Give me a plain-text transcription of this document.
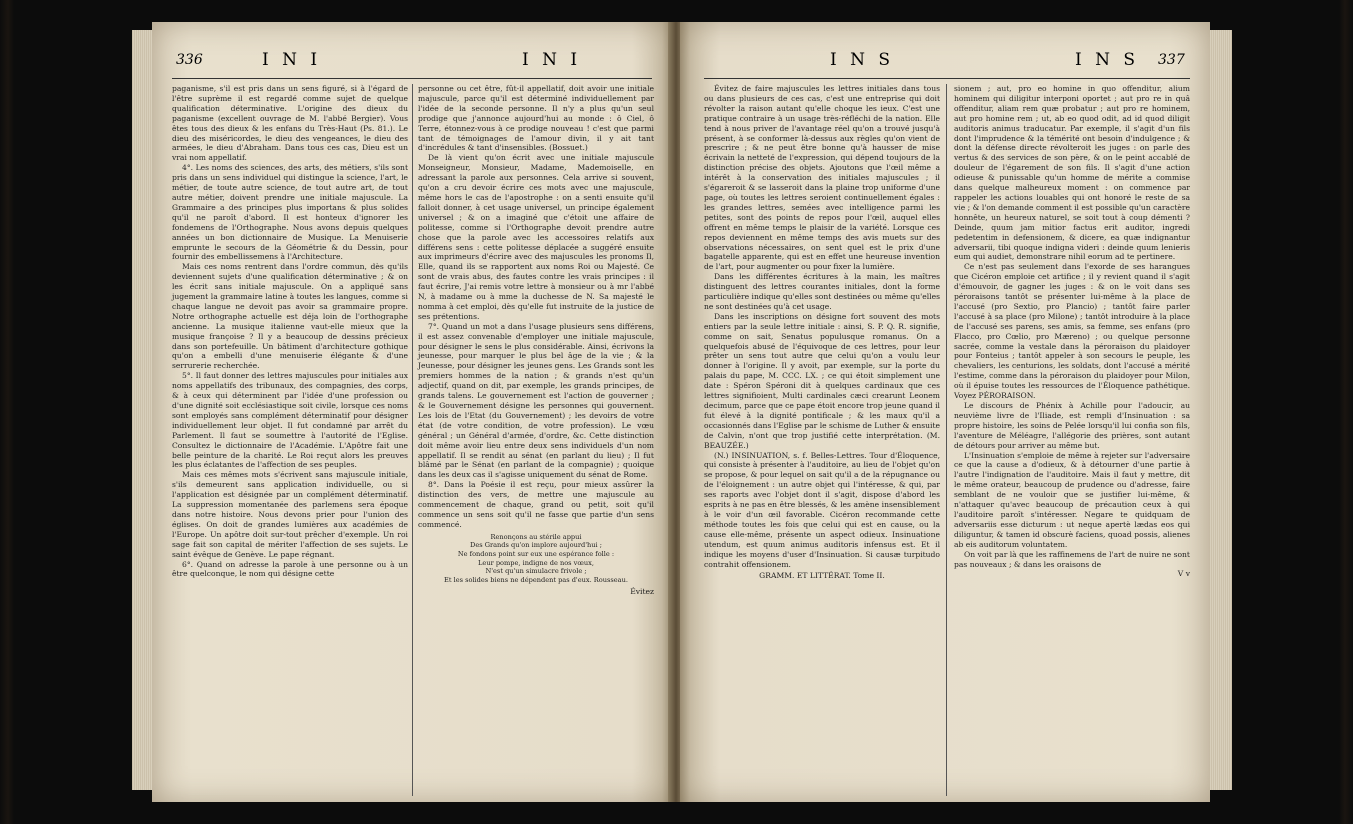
336	I N I	I N I

paganisme, s'il est pris dans un sens figuré, si à l'égard de l'être suprème il est regardé comme sujet de quelque qualification déterminative. L'origine des dieux du paganisme (excellent ouvrage de M. l'abbé Bergier). Vous êtes tous des dieux & les enfans du Très-Haut (Ps. 81.). Le dieu des miséricordes, le dieu des vengeances, le dieu des armées, le dieu d'Abraham. Dans tous ces cas, Dieu est un vrai nom appellatif.

4°. Les noms des sciences, des arts, des métiers, s'ils sont pris dans un sens individuel qui distingue la science, l'art, le métier, de toute autre science, de tout autre art, de tout autre métier, doivent prendre une initiale majuscule. La Grammaire a des principes plus importans & plus solides qu'il ne paroît d'abord. Il est honteux d'ignorer les fondemens de l'Orthographe. Nous avons depuis quelques années un bon dictionnaire de Musique. La Menuiserie emprunte le secours de la Géométrie & du Dessin, pour fournir des embellissemens à l'Architecture.

Mais ces noms rentrent dans l'ordre commun, dès qu'ils deviennent sujets d'une qualification déterminative ; & on les écrit sans initiale majuscule. On a appliqué sans jugement la grammaire latine à toutes les langues, comme si chaque langue ne devoit pas avoir sa grammaire propre. Notre orthographe actuelle est déja loin de l'orthographe ancienne. La musique italienne vaut-elle mieux que la musique françoise ? Il y a beaucoup de dessins précieux dans son portefeuille. Un bâtiment d'architecture gothique qu'on a embelli d'une menuiserie élégante & d'une serrurerie recherchée.

5°. Il faut donner des lettres majuscules pour initiales aux noms appellatifs des tribunaux, des compagnies, des corps, & à ceux qui déterminent par l'idée d'une profession ou d'une dignité soit ecclésiastique soit civile, lorsque ces noms sont employés sans complément déterminatif pour désigner individuellement leur objet. Il fut condamné par arrêt du Parlement. Il faut se soumettre à l'autorité de l'Eglise. Consultez le dictionnaire de l'Académie. L'Apôtre fait une belle peinture de la charité. Le Roi reçut alors les preuves les plus éclatantes de l'affection de ses peuples.

Mais ces mêmes mots s'écrivent sans majuscule initiale, s'ils demeurent sans application individuelle, ou si l'application est désignée par un complément déterminatif. La suppression momentanée des parlemens sera époque dans notre histoire. Nous devons prier pour l'union des églises. On doit de grandes lumières aux académies de l'Europe. Un apôtre doit sur-tout prêcher d'exemple. Un roi sage fait son capital de mériter l'affection de ses sujets. Le saint évêque de Genève. Le pape régnant.

6°. Quand on adresse la parole à une personne ou à un être quelconque, le nom qui désigne cette

personne ou cet être, fût-il appellatif, doit avoir une initiale majuscule, parce qu'il est déterminé individuellement par l'idée de la seconde personne. Il n'y a plus qu'un seul prodige que j'annonce aujourd'hui au monde : ô Ciel, ô Terre, étonnez-vous à ce prodige nouveau ! c'est que parmi tant de témoignages de l'amour divin, il y ait tant d'incrédules & tant d'insensibles. (Bossuet.)

De là vient qu'on écrit avec une initiale majuscule Monseigneur, Monsieur, Madame, Mademoiselle, en adressant la parole aux personnes. Cela arrive si souvent, qu'on a cru devoir écrire ces mots avec une majuscule, même hors le cas de l'apostrophe : on a senti ensuite qu'il falloit donner, à cet usage universel, un principe également universel ; & on a imaginé que c'étoit une affaire de politesse, comme si l'Orthographe devoit prendre autre chose que la parole avec les accessoires relatifs aux différens sens : cette politesse déplacée a suggéré ensuite aux imprimeurs d'écrire avec des majuscules les pronoms Il, Elle, quand ils se rapportent aux noms Roi ou Majesté. Ce sont de vrais abus, des fautes contre les vrais principes : il faut écrire, J'ai remis votre lettre à monsieur ou à mr l'abbé N, à madame ou à mme la duchesse de N. Sa majesté le nomma à cet emploi, dès qu'elle fut instruite de la justice de ses prétentions.

7°. Quand un mot a dans l'usage plusieurs sens différens, il est assez convenable d'employer une initiale majuscule, pour désigner le sens le plus considérable. Ainsi, écrivons la jeunesse, pour marquer le plus bel âge de la vie ; & la Jeunesse, pour désigner les jeunes gens. Les Grands sont les premiers hommes de la nation ; & grands n'est qu'un adjectif, quand on dit, par exemple, les grands principes, de grands talens. Le gouvernement est l'action de gouverner ; & le Gouvernement désigne les personnes qui gouvernent. Les lois de l'Etat (du Gouvernement) ; les devoirs de votre état (de votre condition, de votre profession). Le vœu général ; un Général d'armée, d'ordre, &c. Cette distinction doit même avoir lieu entre deux sens individuels d'un nom appellatif. Il se rendit au sénat (en parlant du lieu) ; Il fut blâmé par le Sénat (en parlant de la compagnie) ; quoique dans les deux cas il s'agisse uniquement du sénat de Rome.

8°. Dans la Poésie il est reçu, pour mieux assûrer la distinction des vers, de mettre une majuscule au commencement de chaque, grand ou petit, soit qu'il commence un sens soit qu'il ne fasse que partie d'un sens commencé.

Renonçons au stérile appui
Des Grands qu'on implore aujourd'hui ;
Ne fondons point sur eux une espérance folle :
Leur pompe, indigne de nos vœux,
N'est qu'un simulacre frivole ;
Et les solides biens ne dépendent pas d'eux. Rousseau.
Évitez
I N S	I N S 337

Évitez de faire majuscules les lettres initiales dans tous ou dans plusieurs de ces cas, c'est une entreprise qui doit révolter la raison autant qu'elle choque les ieux. C'est une pratique contraire à un usage très-réfléchi de la nation. Elle tend à nous priver de l'avantage réel qu'on a trouvé jusqu'à présent, à se conformer là-dessus aux règles qu'on vient de prescrire ; & ne peut être bonne qu'à hausser de mise écrivain la netteté de l'expression, qui dépend toujours de la distinction précise des objets. Ajoutons que l'œil même a intérêt à la conservation des initiales majuscules ; il s'égareroit & se lasseroit dans la plaine trop uniforme d'une page, où toutes les lettres seroient continuellement égales : les grandes lettres, semées avec intelligence parmi les petites, sont des points de repos pour l'œil, auquel elles offrent en même temps le plaisir de la variété. Lorsque ces repos deviennent en même temps des avis muets sur des observations nécessaires, on sent quel est le prix d'une bagatelle apparente, qui est en effet une heureuse invention de l'art, pour augmenter ou pour fixer la lumière.

Dans les différentes écritures à la main, les maîtres distinguent des lettres courantes initiales, dont la forme particulière indique qu'elles sont destinées ou même qu'elles ne sont destinées qu'à cet usage.

Dans les inscriptions on désigne fort souvent des mots entiers par la seule lettre initiale : ainsi, S. P. Q. R. signifie, comme on sait, Senatus populusque romanus. On a quelquefois abusé de l'équivoque de ces lettres, pour leur prêter un sens tout autre que celui qu'on a voulu leur donner à l'origine. Il y avoit, par exemple, sur la porte du palais du pape, M. CCC. LX. ; ce qui étoit simplement une date : Spéron Spéroni dit à quelques cardinaux que ces lettres signifioient, Multi cardinales cæci crearunt Leonem decimum, parce que ce pape étoit encore trop jeune quand il fut élevé à la dignité pontificale ; & les maux qu'il a occasionnés dans l'Eglise par le schisme de Luther & ensuite de Calvin, n'ont que trop justifié cette interprétation. (M. BEAUZÉE.)

(N.) INSINUATION, s. f. Belles-Lettres. Tour d'Éloquence, qui consiste à présenter à l'auditoire, au lieu de l'objet qu'on se propose, & pour lequel on sait qu'il a de la répugnance ou de l'éloignement : un autre objet qui l'intéresse, & qui, par ses raports avec l'objet dont il s'agit, dispose d'abord les esprits à ne pas en être blessés, & les amène insensiblement à le voir d'un œil favorable. Cicéron recommande cette méthode toutes les fois que celui qui est en cause, ou la cause elle-même, présente un aspect odieux. Insinuatione utendum, est quum animus auditoris infensus est. Et il indique les moyens d'user d'Insinuation. Si causæ turpitudo contrahit offensionem.

GRAMM. ET LITTÉRAT. Tome II.

sionem ; aut, pro eo homine in quo offenditur, alium hominem qui diligitur interponi oportet ; aut pro re in quâ offenditur, aliam rem quæ probatur ; aut pro re hominem, aut pro homine rem ; ut, ab eo quod odit, ad id quod diligit auditoris animus traducatur. Par exemple, il s'agit d'un fils dont l'imprudence & la témérité ont besoin d'indulgence ; & dont la défense directe révolteroit les juges : on parle des vertus & des services de son père, & on le peint accablé de douleur de l'égarement de son fils. Il s'agit d'une action odieuse & punissable qu'un homme de mérite a commise dans quelque malheureux moment : on commence par rappeler les actions louables qui ont honoré le reste de sa vie ; & l'on demande comment il est possible qu'un caractère honnête, un heureux naturel, se soit tout à coup démenti ? Deinde, quum jam mitior factus erit auditor, ingredi pedetentim in defensionem, & dicere, ea quæ indignantur adversarii, tibi quoque indigna videri : deinde quum lenieris eum qui audiet, demonstrare nihil eorum ad te pertinere.

Ce n'est pas seulement dans l'exorde de ses harangues que Cicéron emploie cet artifice ; il y revient quand il s'agit d'émouvoir, de gagner les juges : & on le voit dans ses péroraisons tantôt se présenter lui-même à la place de l'accusé (pro Sextio, pro Plancio) ; tantôt faire parler l'accusé à sa place (pro Milone) ; tantôt introduire à la place de l'accusé ses parens, ses amis, sa femme, ses enfans (pro Flacco, pro Cœlio, pro Mæreno) ; ou quelque personne sacrée, comme la vestale dans la péroraison du plaidoyer pour Fonteius ; tantôt appeler à son secours le peuple, les chevaliers, les centurions, les soldats, dont l'accusé a mérité l'estime, comme dans la péroraison du plaidoyer pour Milon, où il épuise toutes les ressources de l'Éloquence pathétique. Voyez PÉRORAISON.

Le discours de Phénix à Achille pour l'adoucir, au neuvième livre de l'Iliade, est rempli d'Insinuation : sa propre histoire, les soins de Pelée lorsqu'il lui confia son fils, l'aventure de Méléagre, l'allégorie des prières, sont autant de détours pour arriver au même but.

L'Insinuation s'emploie de même à rejeter sur l'adversaire ce que la cause a d'odieux, & à détourner d'une partie à l'autre l'indignation de l'auditoire. Mais il faut y mettre, dit le même orateur, beaucoup de prudence ou d'adresse, faire semblant de ne vouloir que se justifier lui-même, & n'attaquer qu'avec beaucoup de précaution ceux à qui l'auditoire paroît s'intéresser. Negare te quidquam de adversariis esse dicturum : ut neque apertè lædas eos qui diliguntur, & tamen id obscurè faciens, quoad possis, alienes ab eis auditorum voluntatem.

On voit par là que les raffinemens de l'art de nuire ne sont pas nouveaux ; & dans les oraisons de

V v
